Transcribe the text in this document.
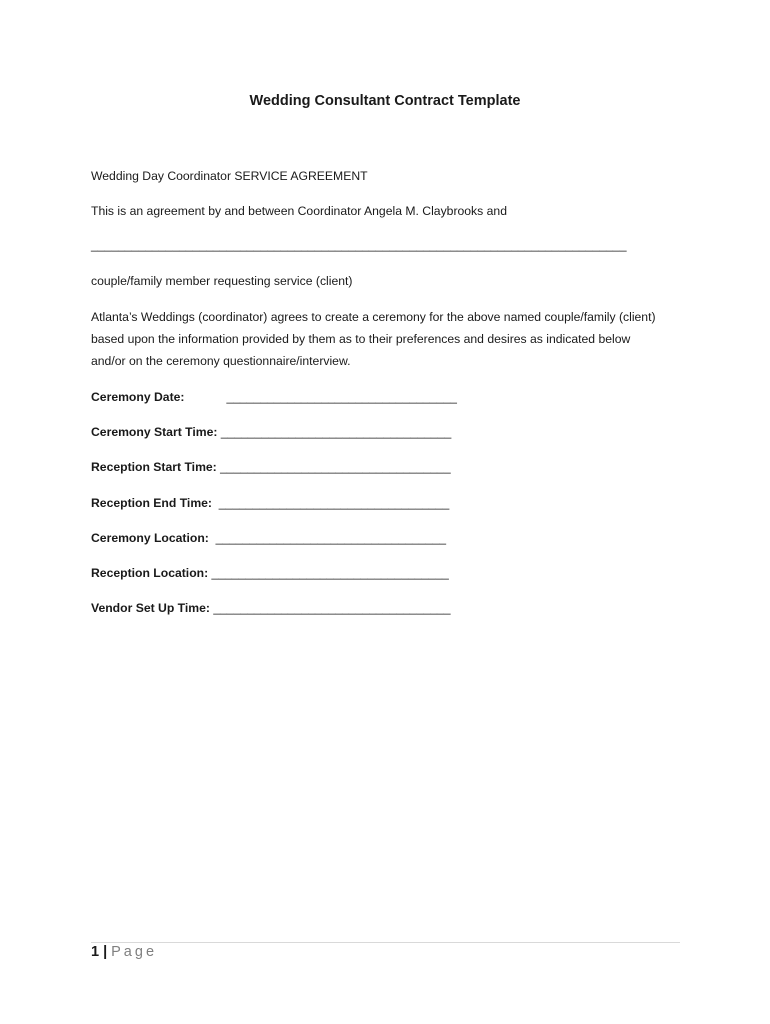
Wedding Consultant Contract Template
Wedding Day Coordinator SERVICE AGREEMENT
This is an agreement by and between Coordinator Angela M. Claybrooks and
_______________________________________________________________________________
couple/family member requesting service (client)
Atlanta’s Weddings (coordinator) agrees to create a ceremony for the above named couple/family (client)
based upon the information provided by them as to their preferences and desires as indicated below
and/or on the ceremony questionnaire/interview.
Ceremony Date:	__________________________________
Ceremony Start Time: __________________________________
Reception Start Time: __________________________________
Reception End Time:  __________________________________
Ceremony Location:  __________________________________
Reception Location: ___________________________________
Vendor Set Up Time: ___________________________________
1 | Page
